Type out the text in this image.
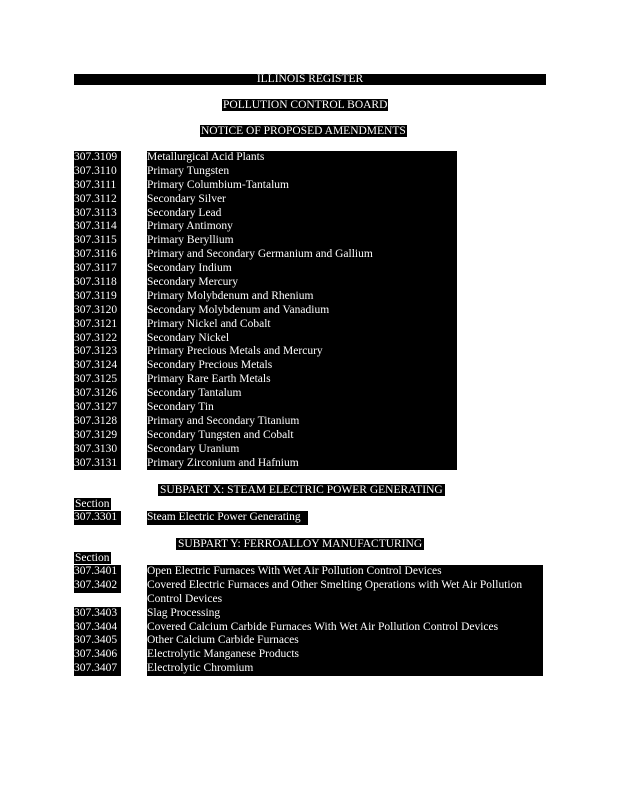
ILLINOIS REGISTER
POLLUTION CONTROL BOARD
NOTICE OF PROPOSED AMENDMENTS
307.3109	Metallurgical Acid Plants
307.3110	Primary Tungsten
307.3111	Primary Columbium-Tantalum
307.3112	Secondary Silver
307.3113	Secondary Lead
307.3114	Primary Antimony
307.3115	Primary Beryllium
307.3116	Primary and Secondary Germanium and Gallium
307.3117	Secondary Indium
307.3118	Secondary Mercury
307.3119	Primary Molybdenum and Rhenium
307.3120	Secondary Molybdenum and Vanadium
307.3121	Primary Nickel and Cobalt
307.3122	Secondary Nickel
307.3123	Primary Precious Metals and Mercury
307.3124	Secondary Precious Metals
307.3125	Primary Rare Earth Metals
307.3126	Secondary Tantalum
307.3127	Secondary Tin
307.3128	Primary and Secondary Titanium
307.3129	Secondary Tungsten and Cobalt
307.3130	Secondary Uranium
307.3131	Primary Zirconium and Hafnium
SUBPART X: STEAM ELECTRIC POWER GENERATING
Section
307.3301	Steam Electric Power Generating
SUBPART Y: FERROALLOY MANUFACTURING
Section
307.3401	Open Electric Furnaces With Wet Air Pollution Control Devices
307.3402	Covered Electric Furnaces and Other Smelting Operations with Wet Air Pollution Control Devices
307.3403	Slag Processing
307.3404	Covered Calcium Carbide Furnaces With Wet Air Pollution Control Devices
307.3405	Other Calcium Carbide Furnaces
307.3406	Electrolytic Manganese Products
307.3407	Electrolytic Chromium
